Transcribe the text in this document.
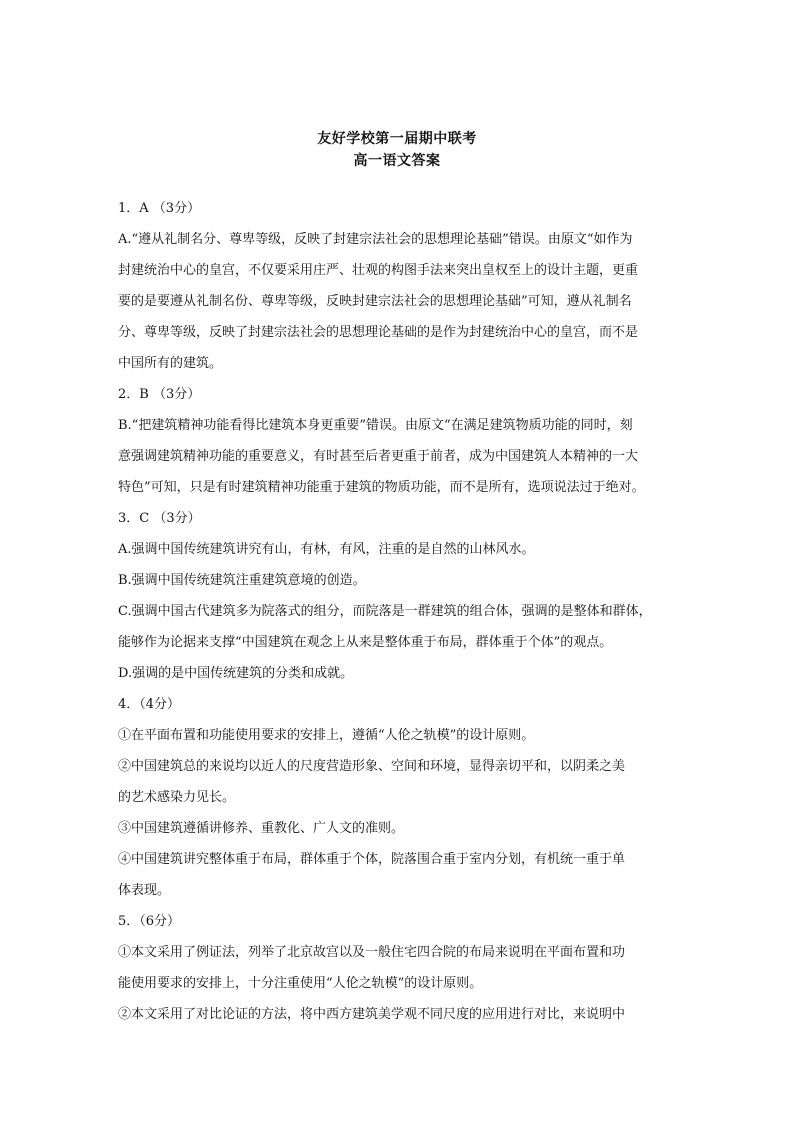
友好学校第一届期中联考
高一语文答案
1．A （3分）
A.“遵从礼制名分、尊卑等级，反映了封建宗法社会的思想理论基础”错误。由原文“如作为
封建统治中心的皇宫，不仅要采用庄严、壮观的构图手法来突出皇权至上的设计主题，更重
要的是要遵从礼制名份、尊卑等级，反映封建宗法社会的思想理论基础”可知，遵从礼制名
分、尊卑等级，反映了封建宗法社会的思想理论基础的是作为封建统治中心的皇宫，而不是
中国所有的建筑。
2．B （3分）
B.“把建筑精神功能看得比建筑本身更重要”错误。由原文“在满足建筑物质功能的同时，刻
意强调建筑精神功能的重要意义，有时甚至后者更重于前者，成为中国建筑人本精神的一大
特色”可知，只是有时建筑精神功能重于建筑的物质功能，而不是所有，选项说法过于绝对。
3．C （3分）
A.强调中国传统建筑讲究有山，有林，有风，注重的是自然的山林风水。
B.强调中国传统建筑注重建筑意境的创造。
C.强调中国古代建筑多为院落式的组分，而院落是一群建筑的组合体，强调的是整体和群体，
能够作为论据来支撑“中国建筑在观念上从来是整体重于布局，群体重于个体”的观点。
D.强调的是中国传统建筑的分类和成就。
4．（4分）
①在平面布置和功能使用要求的安排上，遵循“人伦之轨模”的设计原则。
②中国建筑总的来说均以近人的尺度营造形象、空间和环境，显得亲切平和，以阴柔之美
的艺术感染力见长。
③中国建筑遵循讲修养、重教化、广人文的准则。
④中国建筑讲究整体重于布局，群体重于个体，院落围合重于室内分划，有机统一重于单
体表现。
5．（6分）
①本文采用了例证法，列举了北京故宫以及一般住宅四合院的布局来说明在平面布置和功
能使用要求的安排上，十分注重使用“人伦之轨模”的设计原则。
②本文采用了对比论证的方法，将中西方建筑美学观不同尺度的应用进行对比，来说明中
